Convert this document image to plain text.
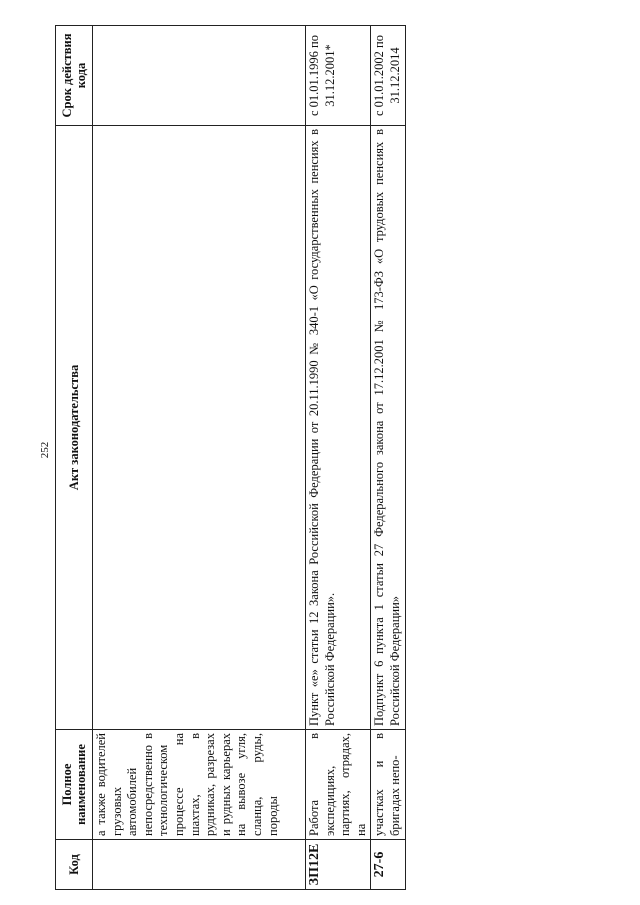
252
Код	Полное наименование	Акт законодательства	Срок действия кода
	а также водителей грузовых автомобилей непосредственно в технологическом процессе на шахтах, в рудниках, разрезах и рудных карьерах на вывозе угля, сланца, руды, породы		
ЗП12Е	Работа в экспедициях, партиях, отрядах, на	Пункт «е» статьи 12 Закона Российской Федерации от 20.11.1990 № 340-1 «О государственных пенсиях в Российской Федерации».	с 01.01.1996 по 31.12.2001*
27-6	участках и в бригадах непо-	Подпункт 6 пункта 1 статьи 27 Федерального закона от 17.12.2001 № 173-ФЗ «О трудовых пенсиях в Российской Федерации»	с 01.01.2002 по 31.12.2014
